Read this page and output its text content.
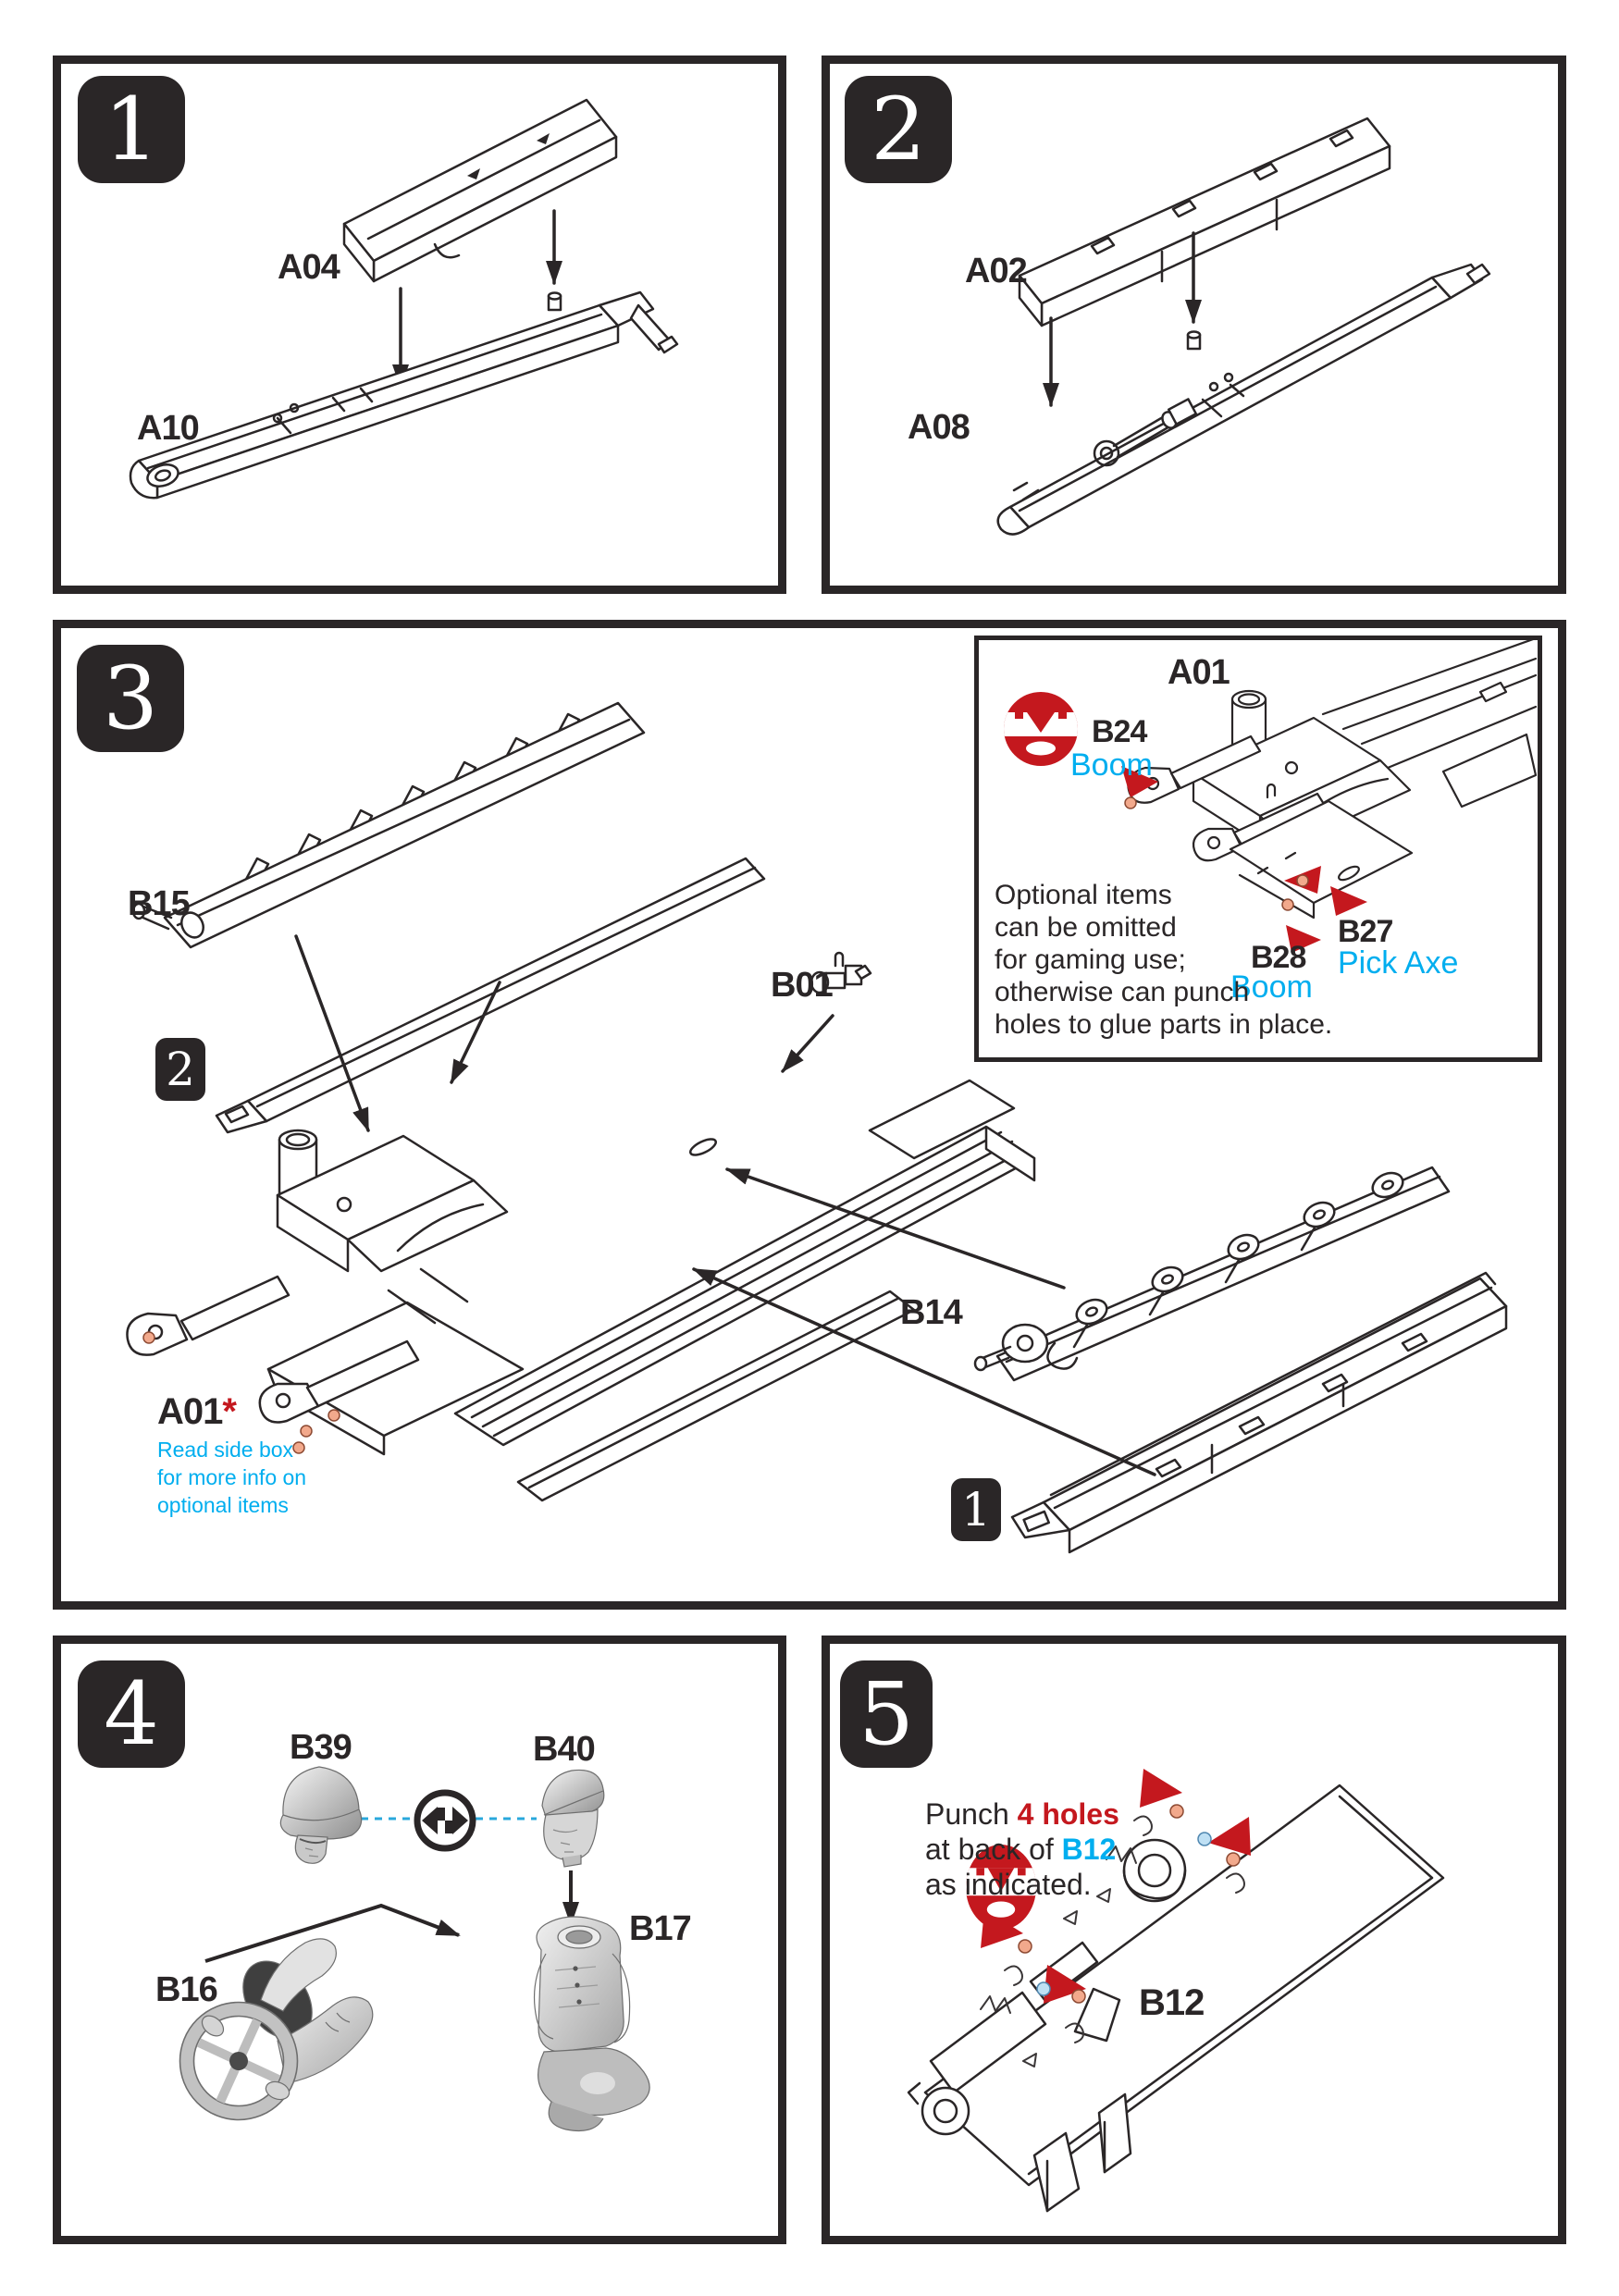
1
A04
A10
2
A02
A08
3
2
1
B15
B01
B14
A01*
Read side box
for more info on
optional items
A01
B24
Boom
B27
Pick Axe
B28
Boom
Optional items
can be omitted
for gaming use;
otherwise can punch
holes to glue parts in place.
4	B39	B40
B17
B16
5
Punch 4 holes
at back of B12
as indicated.
B12
